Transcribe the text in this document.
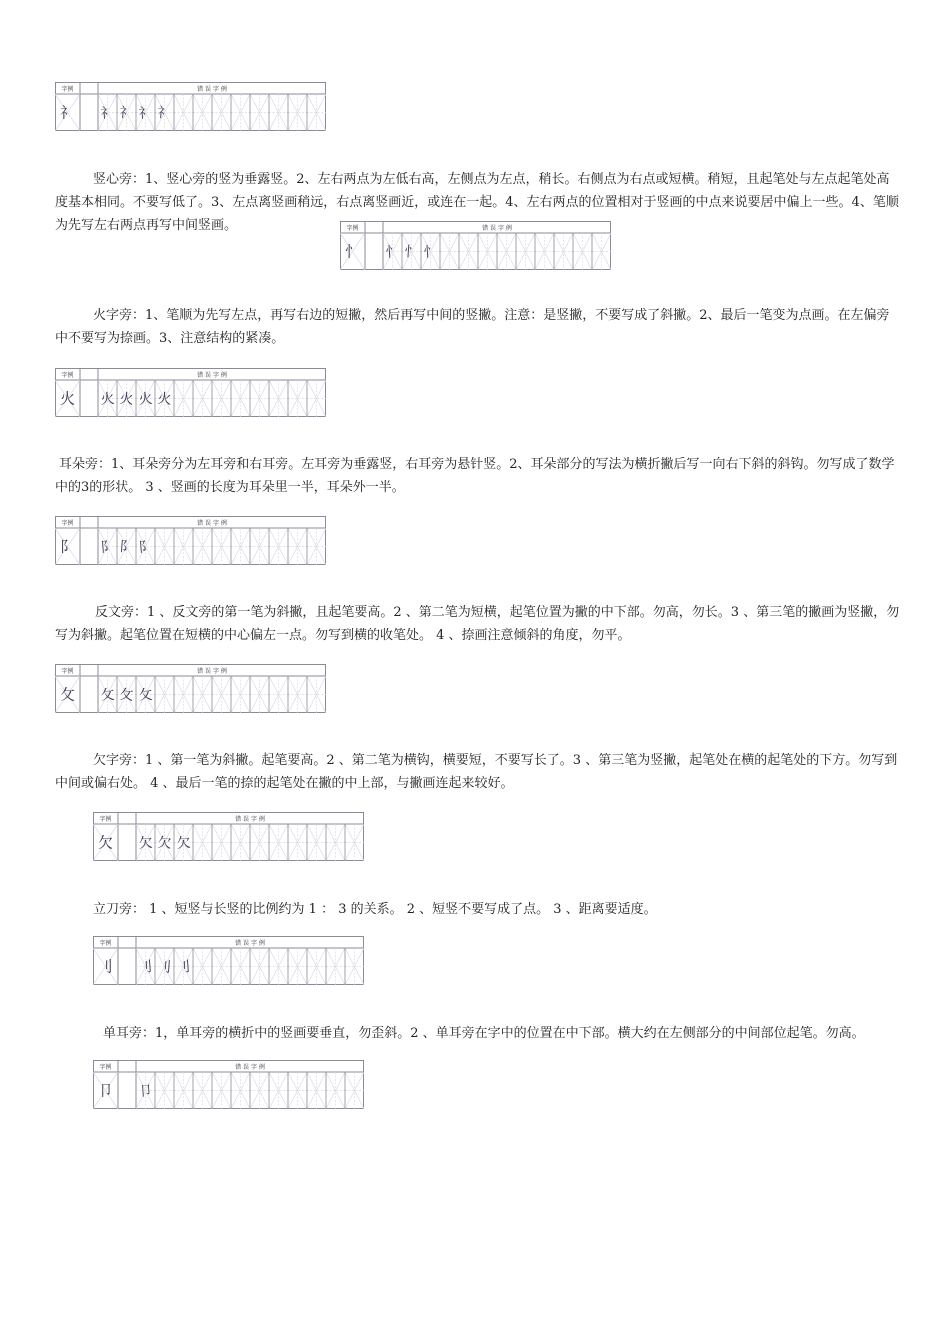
竖心旁：1、竖心旁的竖为垂露竖。2、左右两点为左低右高，左侧点为左点，稍长。右侧点为右点或短横。稍短，且起笔处与左点起笔处高度基本相同。不要写低了。3、左点离竖画稍远，右点离竖画近，或连在一起。4、左右两点的位置相对于竖画的中点来说要居中偏上一些。4、笔顺为先写左右两点再写中间竖画。
火字旁：1、笔顺为先写左点，再写右边的短撇，然后再写中间的竖撇。注意：是竖撇，不要写成了斜撇。2、最后一笔变为点画。在左偏旁中不要写为捺画。3、注意结构的紧凑。
耳朵旁：1、耳朵旁分为左耳旁和右耳旁。左耳旁为垂露竖，右耳旁为悬针竖。2、耳朵部分的写法为横折撇后写一向右下斜的斜钩。勿写成了数学中的3的形状。 3 、竖画的长度为耳朵里一半，耳朵外一半。
反文旁：1 、反文旁的第一笔为斜撇，且起笔要高。2 、第二笔为短横，起笔位置为撇的中下部。勿高，勿长。3 、第三笔的撇画为竖撇，勿写为斜撇。起笔位置在短横的中心偏左一点。勿写到横的收笔处。 4 、捺画注意倾斜的角度，勿平。
欠字旁：1 、第一笔为斜撇。起笔要高。2 、第二笔为横钩，横要短，不要写长了。3 、第三笔为竖撇，起笔处在横的起笔处的下方。勿写到中间或偏右处。 4 、最后一笔的捺的起笔处在撇的中上部，与撇画连起来较好。
立刀旁： 1 、短竖与长竖的比例约为 1 ： 3 的关系。 2 、短竖不要写成了点。 3 、距离要适度。
单耳旁：1，单耳旁的横折中的竖画要垂直，勿歪斜。2 、单耳旁在字中的位置在中下部。横大约在左侧部分的中间部位起笔。勿高。
字例	错 误 字 例
礻 礻 礻 礻 礻
字例	错 误 字 例
忄 忄 忄 忄
字例	错 误 字 例
火 火 火 火 火
字例	错 误 字 例
阝 阝 阝 阝
字例	错 误 字 例
攵 攵 攵 攵
字例	错 误 字 例
欠 欠 欠 欠
字例	错 误 字 例
刂 刂 刂 刂
字例	错 误 字 例
卩 卩
